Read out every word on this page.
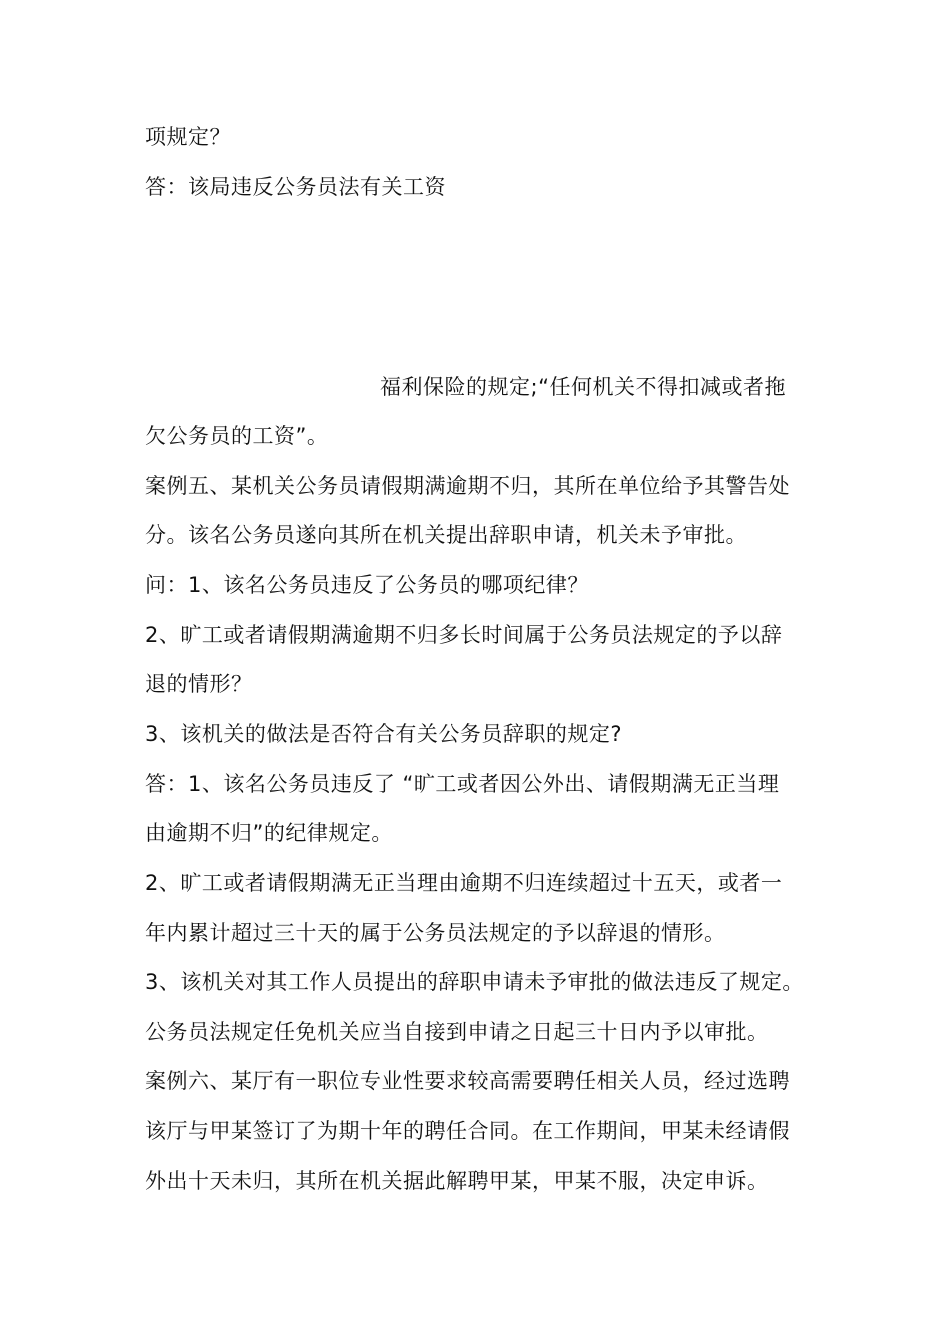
项规定？
答：该局违反公务员法有关工资
福利保险的规定;“任何机关不得扣减或者拖
欠公务员的工资”。
案例五、某机关公务员请假期满逾期不归，其所在单位给予其警告处
分。该名公务员遂向其所在机关提出辞职申请，机关未予审批。
问：1、该名公务员违反了公务员的哪项纪律？
2、旷工或者请假期满逾期不归多长时间属于公务员法规定的予以辞
退的情形？
3、该机关的做法是否符合有关公务员辞职的规定?
答：1、该名公务员违反了 “旷工或者因公外出、请假期满无正当理
由逾期不归”的纪律规定。
2、旷工或者请假期满无正当理由逾期不归连续超过十五天，或者一
年内累计超过三十天的属于公务员法规定的予以辞退的情形。
3、该机关对其工作人员提出的辞职申请未予审批的做法违反了规定。
公务员法规定任免机关应当自接到申请之日起三十日内予以审批。
案例六、某厅有一职位专业性要求较高需要聘任相关人员，经过选聘
该厅与甲某签订了为期十年的聘任合同。在工作期间，甲某未经请假
外出十天未归，其所在机关据此解聘甲某，甲某不服，决定申诉。
